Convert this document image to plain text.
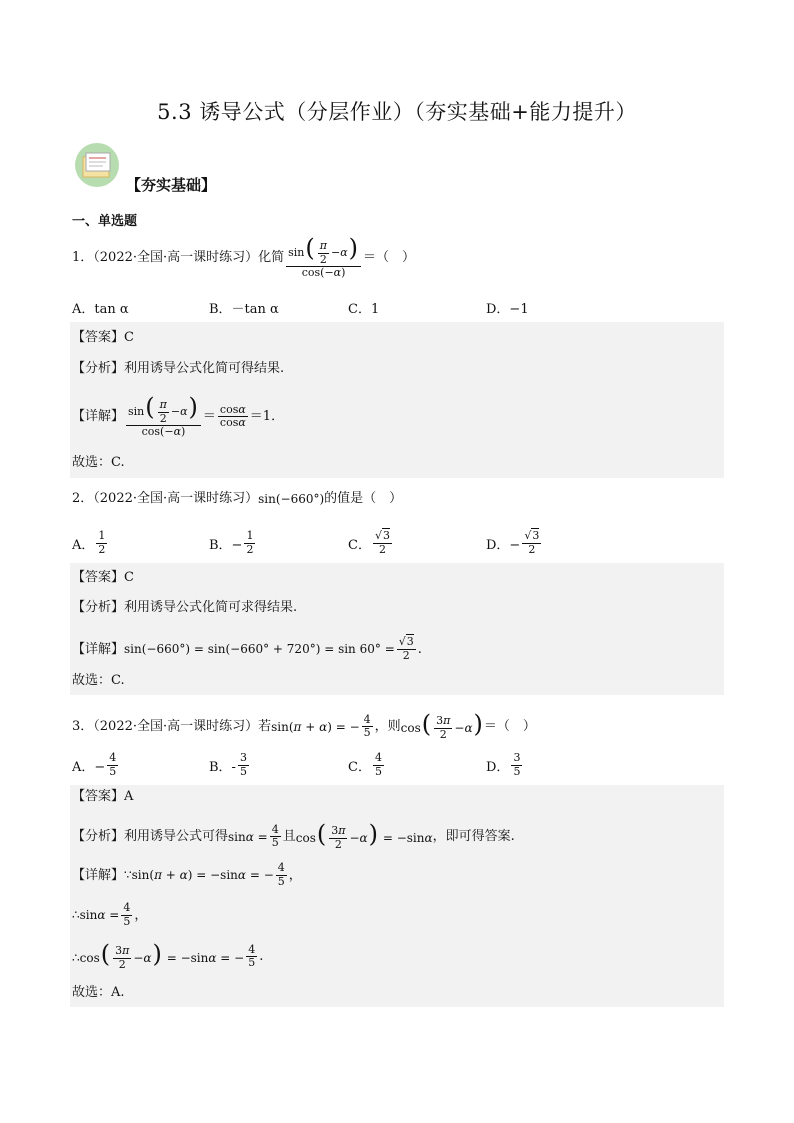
5.3 诱导公式（分层作业）（夯实基础+能力提升）
【夯实基础】
一、单选题
1．（2022·全国·高一课时练习）化简 $\frac{\sin( \frac{\pi}{2} -\alpha)}{\cos(-\alpha)}$ ＝（　）
A．tan α	B．－tan α	C．1	D．−1
【答案】C
【分析】利用诱导公式化简可得结果.
【详解】 $\frac{\sin( \frac{\pi}{2} -\alpha)}{\cos(-\alpha)} = \frac{\cos\alpha}{\cos\alpha} =1$．
故选：C.
2．（2022·全国·高一课时练习） sin(−660°) 的值是（　）
A． $\frac{1}{2}$	B．− $\frac{1}{2}$	C． $\frac{√3}{2}$	D．− $\frac{√3}{2}$
【答案】C
【分析】利用诱导公式化简可求得结果.
【详解】 $\sin(-660^\circ) = \sin(-660^\circ + 720^\circ) = \sin 60^\circ = \frac{√3}{2}$ .
故选：C.
3．（2022·全国·高一课时练习）若 sin(π + α) = − $\frac{4}{5}$ ，则 $\cos( \frac{3\pi}{2} -\alpha)$ ＝（　）
A．− $\frac{4}{5}$	B．- $\frac{3}{5}$	C． $\frac{4}{5}$	D． $\frac{3}{5}$
【答案】A
【分析】利用诱导公式可得 $\sin\alpha = \frac{4}{5}$ 且 $\cos( \frac{3\pi}{2} -\alpha) = -\sin\alpha$ ，即可得答案.
【详解】 ∵sin(π + α) = −sinα = − $\frac{4}{5}$ ，
∴sinα = $\frac{4}{5}$ ，
∴cos( $\frac{3\pi}{2} -\alpha) = -\sin\alpha$ = − $\frac{4}{5}$ .
故选：A.
